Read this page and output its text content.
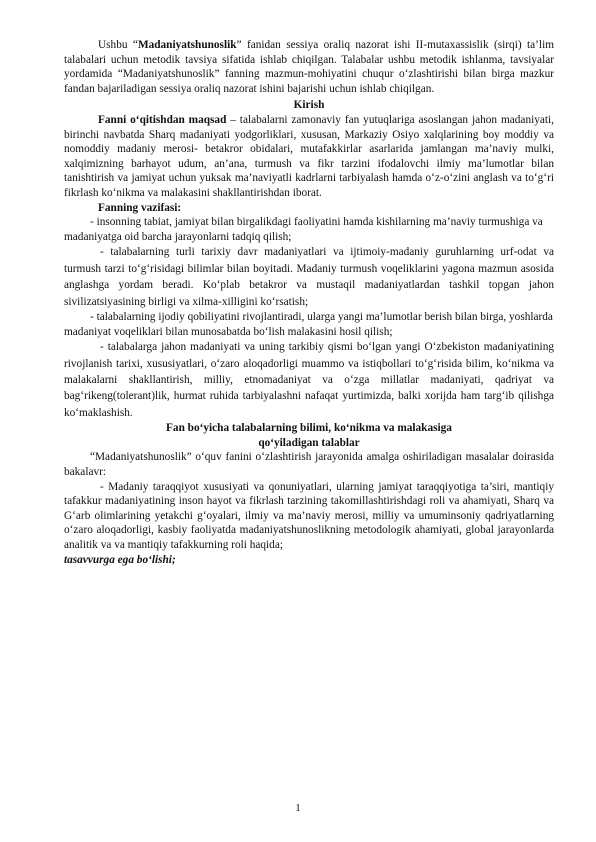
Ushbu “Madaniyatshunoslik” fanidan sessiya oraliq nazorat ishi II-mutaxassislik (sirqi) ta’lim talabalari uchun metodik tavsiya sifatida ishlab chiqilgan. Talabalar ushbu metodik ishlanma, tavsiyalar yordamida “Madaniyatshunoslik” fanning mazmun-mohiyatini chuqur o‘zlashtirishi bilan birga mazkur fandan bajariladigan sessiya oraliq nazorat ishini bajarishi uchun ishlab chiqilgan.

Kirish

Fanni o‘qitishdan maqsad – talabalarni zamonaviy fan yutuqlariga asoslangan jahon madaniyati, birinchi navbatda Sharq madaniyati yodgorliklari, xususan, Markaziy Osiyo xalqlarining boy moddiy va nomoddiy madaniy merosi- betakror obidalari, mutafakkirlar asarlarida jamlangan ma’naviy mulki, xalqimizning barhayot udum, an’ana, turmush va fikr tarzini ifodalovchi ilmiy ma’lumotlar bilan tanishtirish va jamiyat uchun yuksak ma’naviyatli kadrlarni tarbiyalash hamda o‘z-o‘zini anglash va to‘g‘ri fikrlash ko‘nikma va malakasini shakllantirishdan iborat.

Fanning vazifasi:

- insonning tabiat, jamiyat bilan birgalikdagi faoliyatini hamda kishilarning ma’naviy turmushiga va madaniyatga oid barcha jarayonlarni tadqiq qilish;

- talabalarning turli tarixiy davr madaniyatlari va ijtimoiy-madaniy guruhlarning urf-odat va turmush tarzi to‘g‘risidagi bilimlar bilan boyitadi. Madaniy turmush voqeliklarini yagona mazmun asosida anglashga yordam beradi. Ko‘plab betakror va mustaqil madaniyatlardan tashkil topgan jahon sivilizatsiyasining birligi va xilma-xilligini ko‘rsatish;

- talabalarning ijodiy qobiliyatini rivojlantiradi, ularga yangi ma’lumotlar berish bilan birga, yoshlarda madaniyat voqeliklari bilan munosabatda bo‘lish malakasini hosil qilish;

- talabalarga jahon madaniyati va uning tarkibiy qismi bo‘lgan yangi O‘zbekiston madaniyatining rivojlanish tarixi, xususiyatlari, o‘zaro aloqadorligi muammo va istiqbollari to‘g‘risida bilim, ko‘nikma va malakalarni shakllantirish, milliy, etnomadaniyat va o‘zga millatlar madaniyati, qadriyat va bag‘rikeng(tolerant)lik, hurmat ruhida tarbiyalashni nafaqat yurtimizda, balki xorijda ham targ‘ib qilishga ko‘maklashish.

Fan bo‘yicha talabalarning bilimi, ko‘nikma va malakasiga

qo‘yiladigan talablar

“Madaniyatshunoslik” o‘quv fanini o‘zlashtirish jarayonida amalga oshiriladigan masalalar doirasida bakalavr:

- Madaniy taraqqiyot xususiyati va qonuniyatlari, ularning jamiyat taraqqiyotiga ta’siri, mantiqiy tafakkur madaniyatining inson hayot va fikrlash tarzining takomillashtirishdagi roli va ahamiyati, Sharq va G‘arb olimlarining yetakchi g‘oyalari, ilmiy va ma’naviy merosi, milliy va umuminsoniy qadriyatlarning o‘zaro aloqadorligi, kasbiy faoliyatda madaniyatshunoslikning metodologik ahamiyati, global jarayonlarda analitik va va mantiqiy tafakkurning roli haqida;

tasavvurga ega bo‘lishi;

1
